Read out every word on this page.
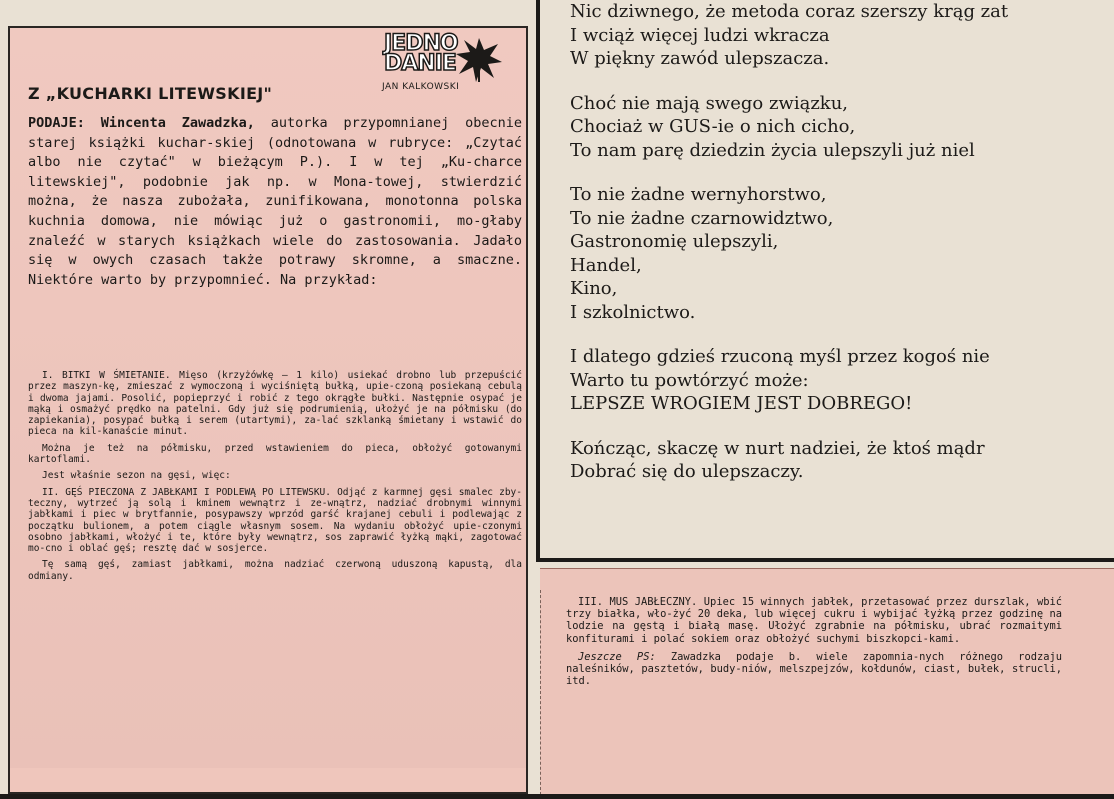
JEDNO
DANIE
JAN KALKOWSKI
Z „KUCHARKI LITEWSKIEJ"

PODAJE: Wincenta Zawadzka, autorka przypomnianej obecnie starej książki kuchar-skiej (odnotowana w rubryce: „Czytać albo nie czytać" w bieżącym P.). I w tej „Ku-charce litewskiej", podobnie jak np. w Mona-towej, stwierdzić można, że nasza zubożała, zunifikowana, monotonna polska kuchnia domowa, nie mówiąc już o gastronomii, mo-głaby znaleźć w starych książkach wiele do zastosowania. Jadało się w owych czasach także potrawy skromne, a smaczne. Niektóre warto by przypomnieć. Na przykład:

I. BITKI W ŚMIETANIE. Mięso (krzyżówkę — 1 kilo) usiekać drobno lub przepuścić przez maszyn-kę, zmieszać z wymoczoną i wyciśniętą bułką, upie-czoną posiekaną cebulą i dwoma jajami. Posolić, popieprzyć i robić z tego okrągłe bułki. Następnie osypać je mąką i osmażyć prędko na patelni. Gdy już się podrumienią, ułożyć je na półmisku (do zapiekania), posypać bułką i serem (utartymi), za-lać szklanką śmietany i wstawić do pieca na kil-kanaście minut.

Można je też na półmisku, przed wstawieniem do pieca, obłożyć gotowanymi kartoflami.

Jest właśnie sezon na gęsi, więc:

II. GĘŚ PIECZONA Z JABŁKAMI I PODLEWĄ PO LITEWSKU. Odjąć z karmnej gęsi smalec zby-teczny, wytrzeć ją solą i kminem wewnątrz i ze-wnątrz, nadziać drobnymi winnymi jabłkami i piec w brytfannie, posypawszy wprzód garść krajanej cebuli i podlewając z początku bulionem, a potem ciągle własnym sosem. Na wydaniu obłożyć upie-czonymi osobno jabłkami, włożyć i te, które były wewnątrz, sos zaprawić łyżką mąki, zagotować mo-cno i oblać gęś; resztę dać w sosjerce.

Tę samą gęś, zamiast jabłkami, można nadziać czerwoną uduszoną kapustą, dla odmiany.

Nic dziwnego, że metoda coraz szerszy krąg zat
I wciąż więcej ludzi wkracza
W piękny zawód ulepszacza.
Choć nie mają swego związku,
Chociaż w GUS-ie o nich cicho,
To nam parę dziedzin życia ulepszyli już niel
To nie żadne wernyhorstwo,
To nie żadne czarnowidztwo,
Gastronomię ulepszyli,
Handel,
Kino,
I szkolnictwo.
I dlatego gdzieś rzuconą myśl przez kogoś nie
Warto tu powtórzyć może:
LEPSZE WROGIEM JEST DOBREGO!
Kończąc, skaczę w nurt nadziei, że ktoś mądr
Dobrać się do ulepszaczy.

III. MUS JABŁECZNY. Upiec 15 winnych jabłek, przetasować przez durszlak, wbić trzy białka, wło-żyć 20 deka, lub więcej cukru i wybijać łyżką przez godzinę na lodzie na gęstą i białą masę. Ułożyć zgrabnie na półmisku, ubrać rozmaitymi konfiturami i polać sokiem oraz obłożyć suchymi biszkopci-kami.

Jeszcze PS: Zawadzka podaje b. wiele zapomnia-nych różnego rodzaju naleśników, pasztetów, budy-niów, melszpejzów, kołdunów, ciast, bułek, strucli, itd.
